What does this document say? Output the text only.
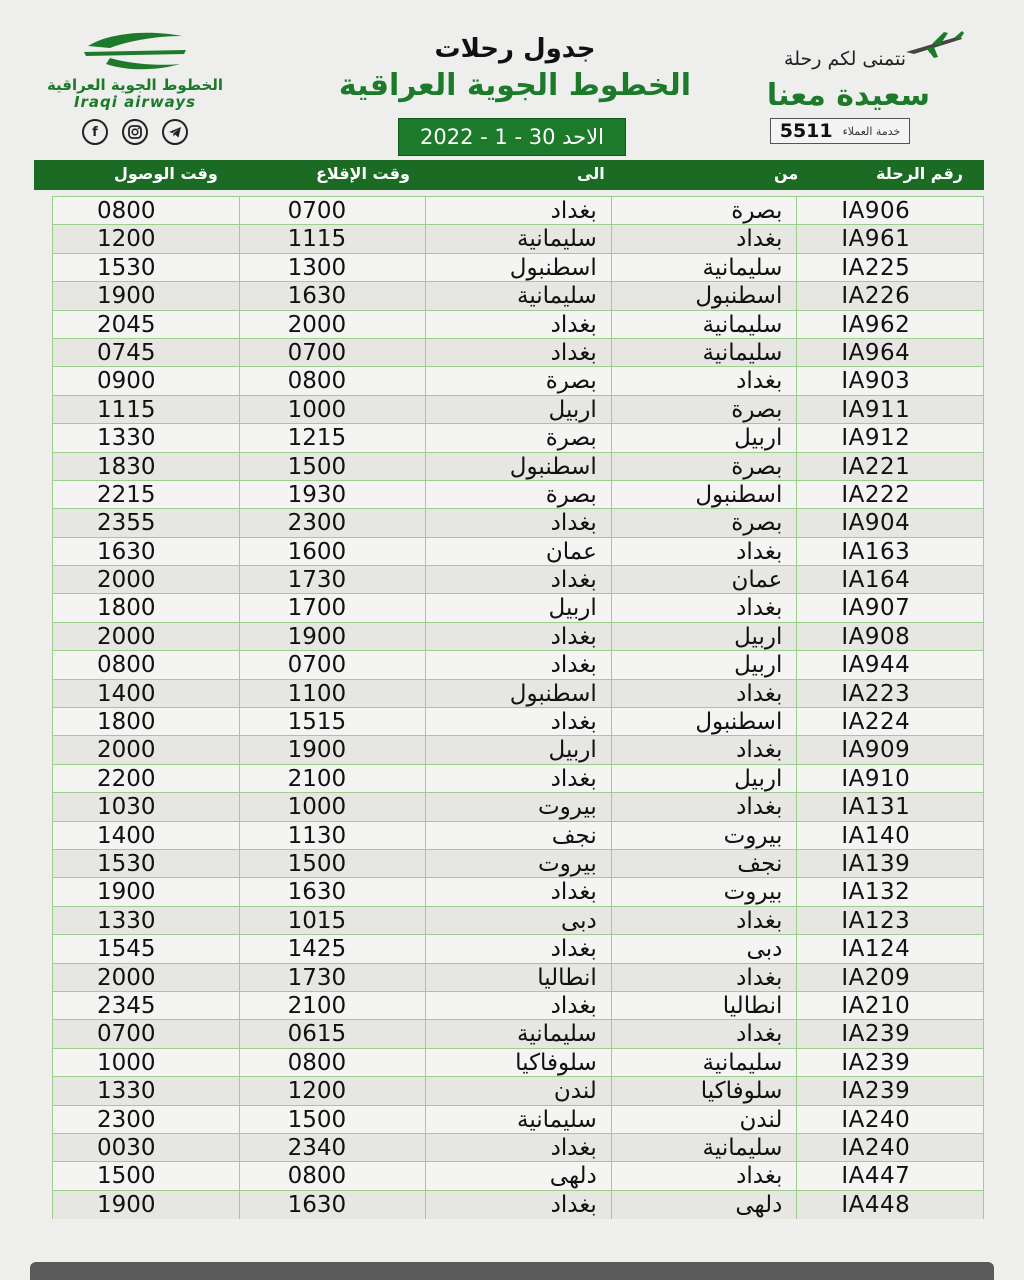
الخطوط الجوية العراقية
Iraqi airways
f
جدول رحلات
الخطوط الجوية العراقية
الاحد 30 - 1 - 2022
نتمنى لكم رحلة
سعيدة معنا
5511 خدمة العملاء
وقت الوصول	وقت الإقلاع	الى	من	رقم الرحلة
0800	0700	بغداد	بصرة	IA906
1200	1115	سليمانية	بغداد	IA961
1530	1300	اسطنبول	سليمانية	IA225
1900	1630	سليمانية	اسطنبول	IA226
2045	2000	بغداد	سليمانية	IA962
0745	0700	بغداد	سليمانية	IA964
0900	0800	بصرة	بغداد	IA903
1115	1000	اربيل	بصرة	IA911
1330	1215	بصرة	اربيل	IA912
1830	1500	اسطنبول	بصرة	IA221
2215	1930	بصرة	اسطنبول	IA222
2355	2300	بغداد	بصرة	IA904
1630	1600	عمان	بغداد	IA163
2000	1730	بغداد	عمان	IA164
1800	1700	اربيل	بغداد	IA907
2000	1900	بغداد	اربيل	IA908
0800	0700	بغداد	اربيل	IA944
1400	1100	اسطنبول	بغداد	IA223
1800	1515	بغداد	اسطنبول	IA224
2000	1900	اربيل	بغداد	IA909
2200	2100	بغداد	اربيل	IA910
1030	1000	بيروت	بغداد	IA131
1400	1130	نجف	بيروت	IA140
1530	1500	بيروت	نجف	IA139
1900	1630	بغداد	بيروت	IA132
1330	1015	دبى	بغداد	IA123
1545	1425	بغداد	دبى	IA124
2000	1730	انطاليا	بغداد	IA209
2345	2100	بغداد	انطاليا	IA210
0700	0615	سليمانية	بغداد	IA239
1000	0800	سلوفاكيا	سليمانية	IA239
1330	1200	لندن	سلوفاكيا	IA239
2300	1500	سليمانية	لندن	IA240
0030	2340	بغداد	سليمانية	IA240
1500	0800	دلهى	بغداد	IA447
1900	1630	بغداد	دلهى	IA448
